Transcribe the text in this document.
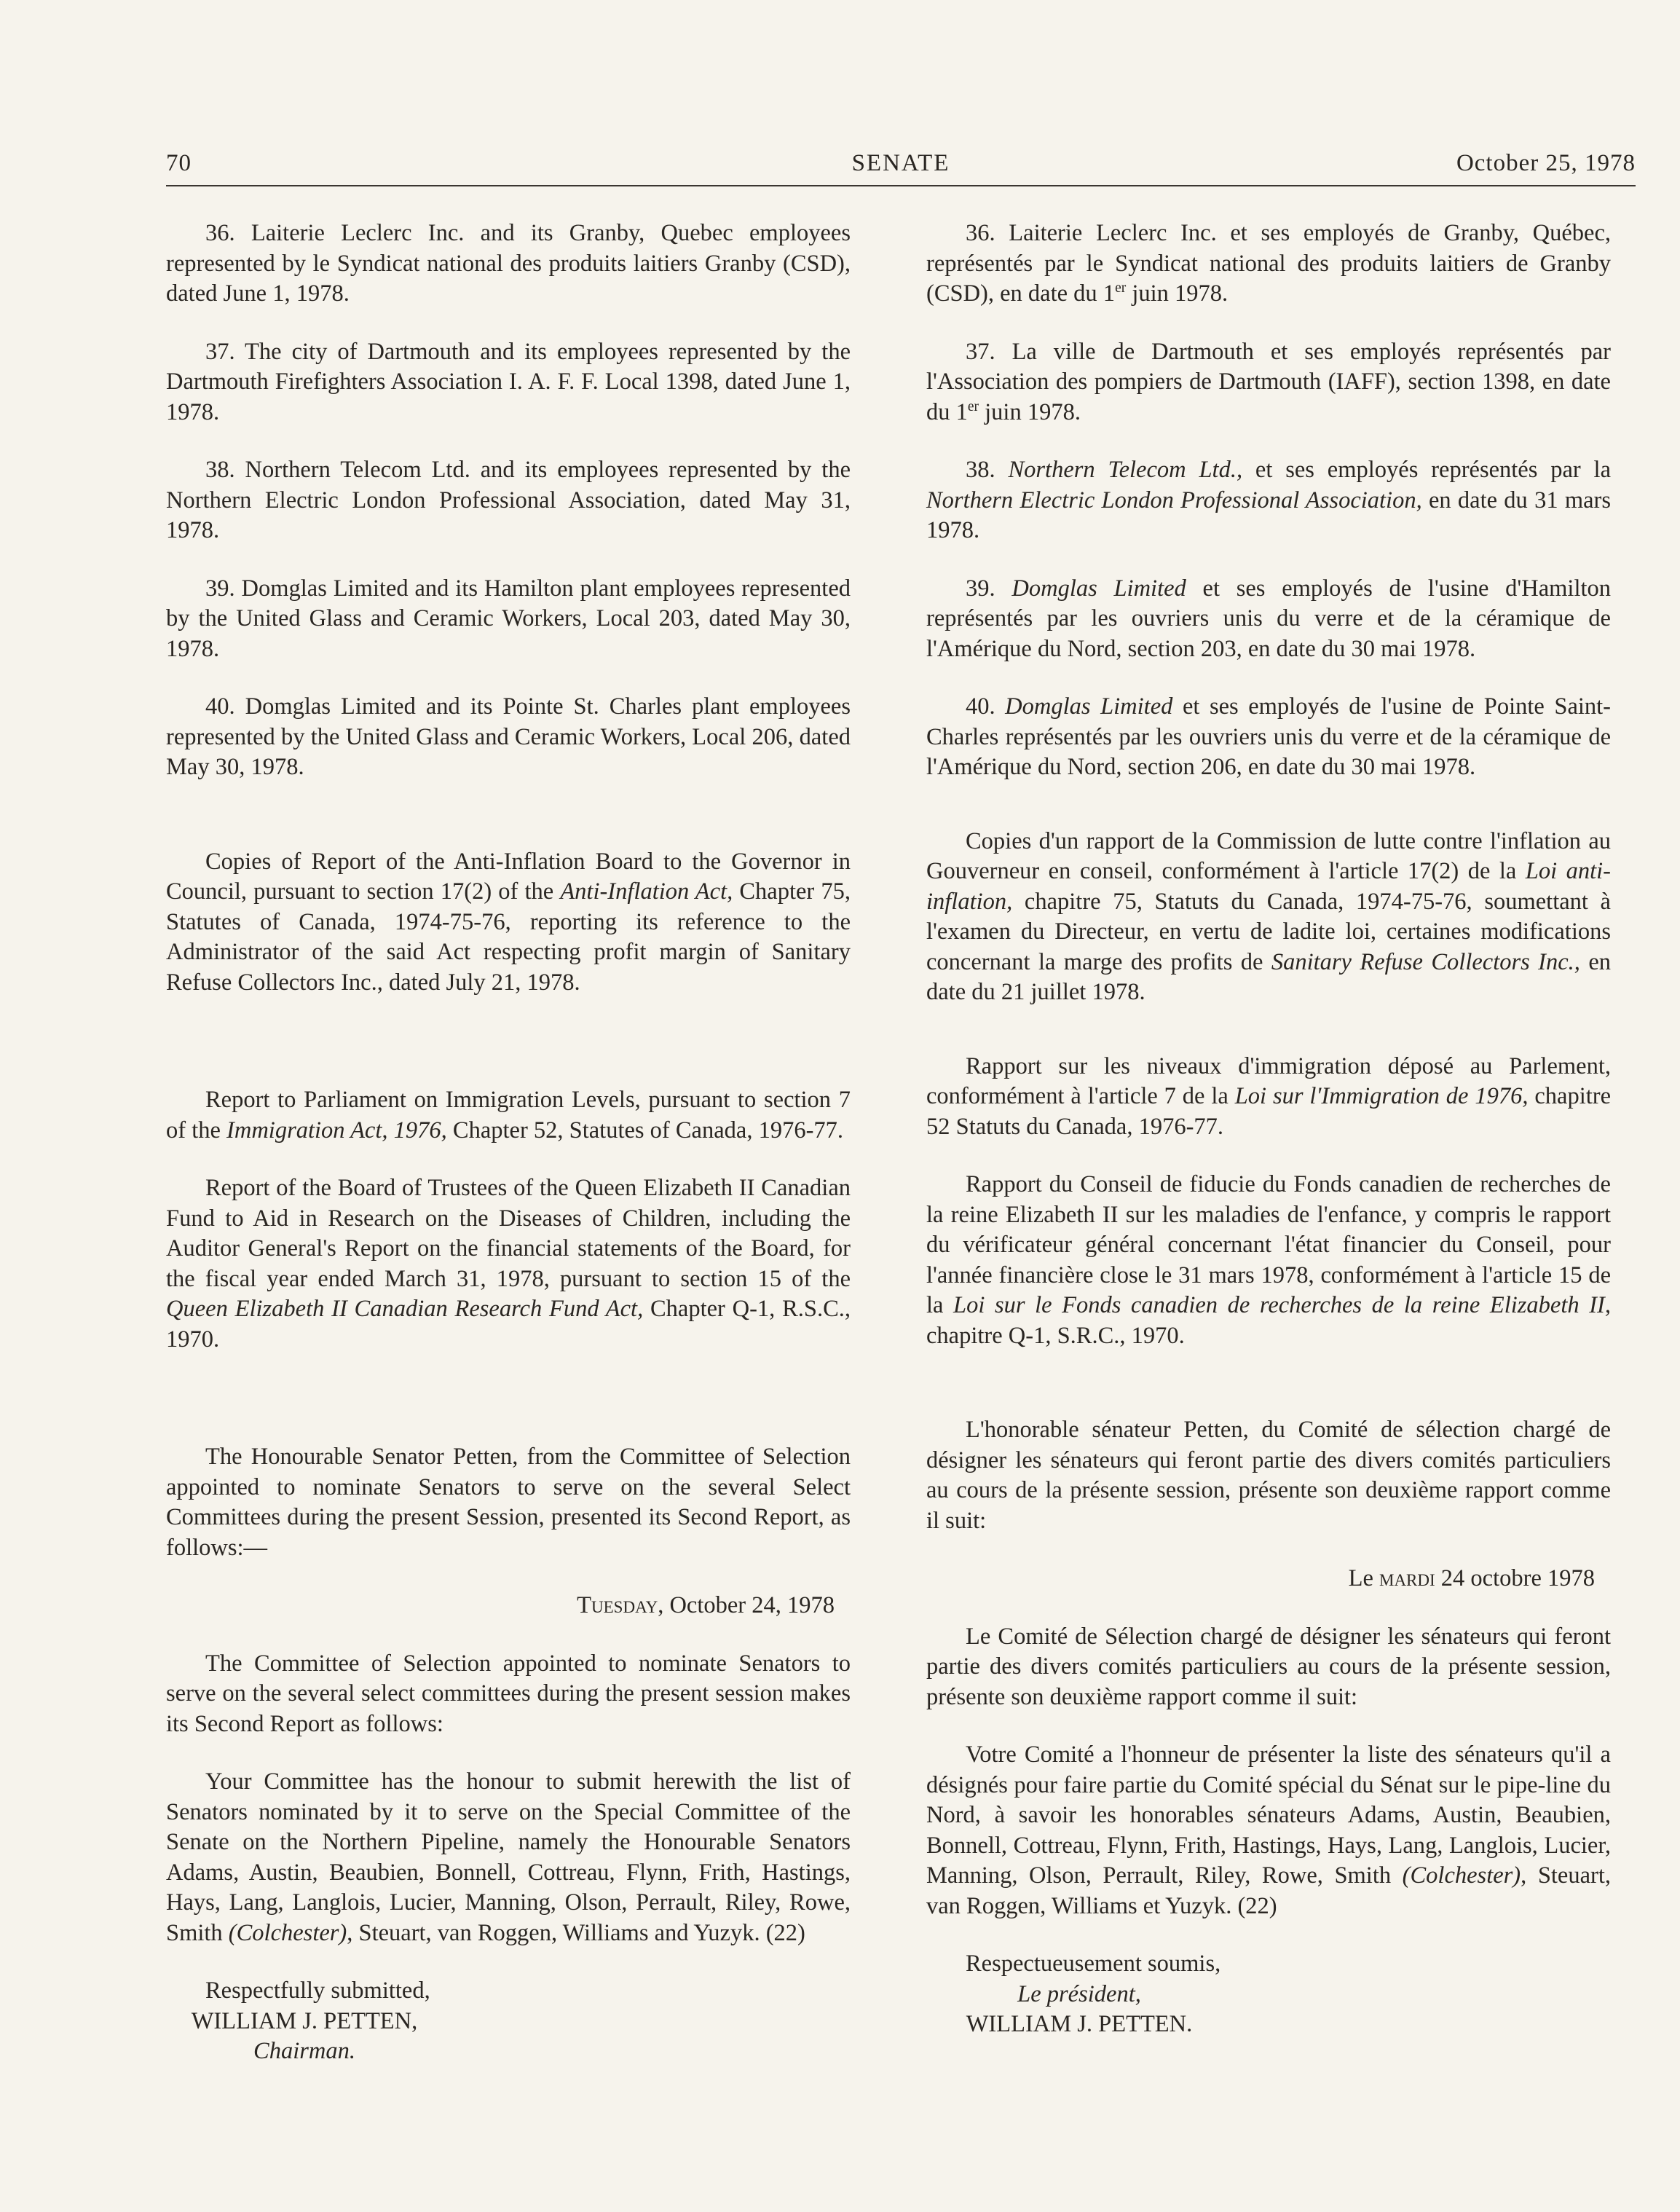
70	SENATE	October 25, 1978

36. Laiterie Leclerc Inc. and its Granby, Quebec employees represented by le Syndicat national des produits laitiers Granby (CSD), dated June 1, 1978.

37. The city of Dartmouth and its employees represented by the Dartmouth Firefighters Association I. A. F. F. Local 1398, dated June 1, 1978.

38. Northern Telecom Ltd. and its employees represented by the Northern Electric London Professional Association, dated May 31, 1978.

39. Domglas Limited and its Hamilton plant employees represented by the United Glass and Ceramic Workers, Local 203, dated May 30, 1978.

40. Domglas Limited and its Pointe St. Charles plant employees represented by the United Glass and Ceramic Workers, Local 206, dated May 30, 1978.

Copies of Report of the Anti-Inflation Board to the Governor in Council, pursuant to section 17(2) of the Anti-Inflation Act, Chapter 75, Statutes of Canada, 1974-75-76, reporting its reference to the Administrator of the said Act respecting profit margin of Sanitary Refuse Collectors Inc., dated July 21, 1978.

Report to Parliament on Immigration Levels, pursuant to section 7 of the Immigration Act, 1976, Chapter 52, Statutes of Canada, 1976-77.

Report of the Board of Trustees of the Queen Elizabeth II Canadian Fund to Aid in Research on the Diseases of Children, including the Auditor General's Report on the financial statements of the Board, for the fiscal year ended March 31, 1978, pursuant to section 15 of the Queen Elizabeth II Canadian Research Fund Act, Chapter Q-1, R.S.C., 1970.

The Honourable Senator Petten, from the Committee of Selection appointed to nominate Senators to serve on the several Select Committees during the present Session, presented its Second Report, as follows:—

Tuesday, October 24, 1978

The Committee of Selection appointed to nominate Senators to serve on the several select committees during the present session makes its Second Report as follows:

Your Committee has the honour to submit herewith the list of Senators nominated by it to serve on the Special Committee of the Senate on the Northern Pipeline, namely the Honourable Senators Adams, Austin, Beaubien, Bonnell, Cottreau, Flynn, Frith, Hastings, Hays, Lang, Langlois, Lucier, Manning, Olson, Perrault, Riley, Rowe, Smith (Colchester), Steuart, van Roggen, Williams and Yuzyk. (22)

Respectfully submitted,

WILLIAM J. PETTEN,

Chairman.

36. Laiterie Leclerc Inc. et ses employés de Granby, Québec, représentés par le Syndicat national des produits laitiers de Granby (CSD), en date du 1er juin 1978.

37. La ville de Dartmouth et ses employés représentés par l'Association des pompiers de Dartmouth (IAFF), section 1398, en date du 1er juin 1978.

38. Northern Telecom Ltd., et ses employés représentés par la Northern Electric London Professional Association, en date du 31 mars 1978.

39. Domglas Limited et ses employés de l'usine d'Hamilton représentés par les ouvriers unis du verre et de la céramique de l'Amérique du Nord, section 203, en date du 30 mai 1978.

40. Domglas Limited et ses employés de l'usine de Pointe Saint-Charles représentés par les ouvriers unis du verre et de la céramique de l'Amérique du Nord, section 206, en date du 30 mai 1978.

Copies d'un rapport de la Commission de lutte contre l'inflation au Gouverneur en conseil, conformément à l'article 17(2) de la Loi anti-inflation, chapitre 75, Statuts du Canada, 1974-75-76, soumettant à l'examen du Directeur, en vertu de ladite loi, certaines modifications concernant la marge des profits de Sanitary Refuse Collectors Inc., en date du 21 juillet 1978.

Rapport sur les niveaux d'immigration déposé au Parlement, conformément à l'article 7 de la Loi sur l'Immigration de 1976, chapitre 52 Statuts du Canada, 1976-77.

Rapport du Conseil de fiducie du Fonds canadien de recherches de la reine Elizabeth II sur les maladies de l'enfance, y compris le rapport du vérificateur général concernant l'état financier du Conseil, pour l'année financière close le 31 mars 1978, conformément à l'article 15 de la Loi sur le Fonds canadien de recherches de la reine Elizabeth II, chapitre Q-1, S.R.C., 1970.

L'honorable sénateur Petten, du Comité de sélection chargé de désigner les sénateurs qui feront partie des divers comités particuliers au cours de la présente session, présente son deuxième rapport comme il suit:

Le mardi 24 octobre 1978

Le Comité de Sélection chargé de désigner les sénateurs qui feront partie des divers comités particuliers au cours de la présente session, présente son deuxième rapport comme il suit:

Votre Comité a l'honneur de présenter la liste des sénateurs qu'il a désignés pour faire partie du Comité spécial du Sénat sur le pipe-line du Nord, à savoir les honorables sénateurs Adams, Austin, Beaubien, Bonnell, Cottreau, Flynn, Frith, Hastings, Hays, Lang, Langlois, Lucier, Manning, Olson, Perrault, Riley, Rowe, Smith (Colchester), Steuart, van Roggen, Williams et Yuzyk. (22)

Respectueusement soumis,

Le président,

WILLIAM J. PETTEN.
